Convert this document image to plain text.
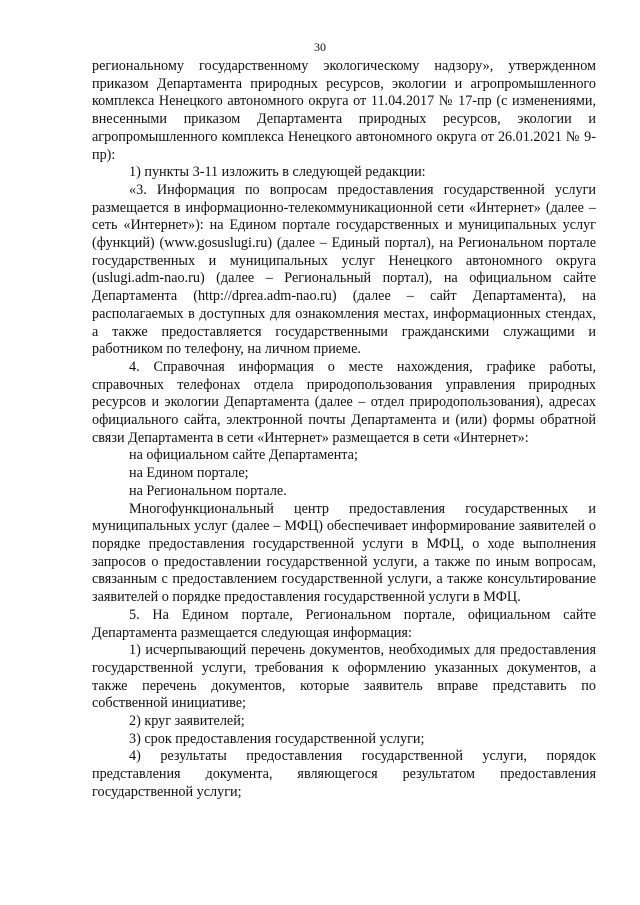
30

региональному государственному экологическому надзору», утвержденном приказом Департамента природных ресурсов, экологии и агропромышленного комплекса Ненецкого автономного округа от 11.04.2017 № 17-пр (с изменениями, внесенными приказом Департамента природных ресурсов, экологии и агропромышленного комплекса Ненецкого автономного округа от 26.01.2021 № 9-пр):

1) пункты 3-11 изложить в следующей редакции:

«3. Информация по вопросам предоставления государственной услуги размещается в информационно-телекоммуникационной сети «Интернет» (далее – сеть «Интернет»): на Едином портале государственных и муниципальных услуг (функций) (www.gosuslugi.ru) (далее – Единый портал), на Региональном портале государственных и муниципальных услуг Ненецкого автономного округа (uslugi.adm-nao.ru) (далее – Региональный портал), на официальном сайте Департамента (http://dprea.adm-nao.ru) (далее – сайт Департамента), на располагаемых в доступных для ознакомления местах, информационных стендах, а также предоставляется государственными гражданскими служащими и работником по телефону, на личном приеме.

4. Справочная информация о месте нахождения, графике работы, справочных телефонах отдела природопользования управления природных ресурсов и экологии Департамента (далее – отдел природопользования), адресах официального сайта, электронной почты Департамента и (или) формы обратной связи Департамента в сети «Интернет» размещается в сети «Интернет»:

на официальном сайте Департамента;

на Едином портале;

на Региональном портале.

Многофункциональный центр предоставления государственных и муниципальных услуг (далее – МФЦ) обеспечивает информирование заявителей о порядке предоставления государственной услуги в МФЦ, о ходе выполнения запросов о предоставлении государственной услуги, а также по иным вопросам, связанным с предоставлением государственной услуги, а также консультирование заявителей о порядке предоставления государственной услуги в МФЦ.

5. На Едином портале, Региональном портале, официальном сайте Департамента размещается следующая информация:

1) исчерпывающий перечень документов, необходимых для предоставления государственной услуги, требования к оформлению указанных документов, а также перечень документов, которые заявитель вправе представить по собственной инициативе;

2) круг заявителей;

3) срок предоставления государственной услуги;

4) результаты предоставления государственной услуги, порядок представления документа, являющегося результатом предоставления государственной услуги;
